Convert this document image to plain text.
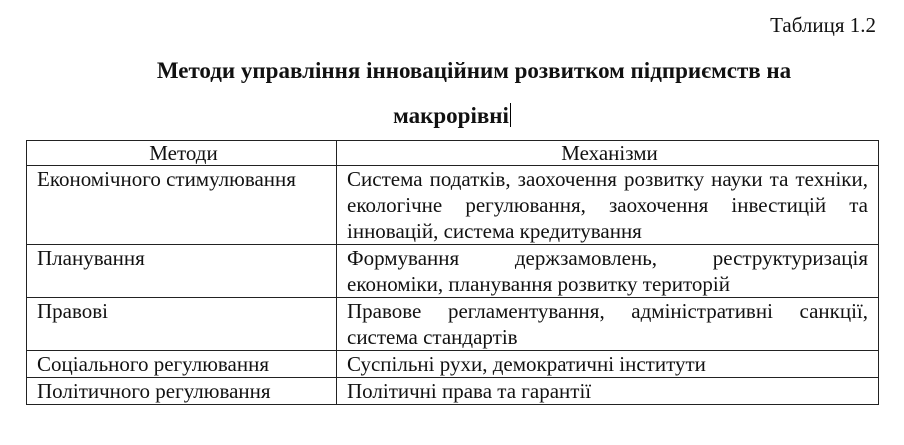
Таблиця 1.2
Методи управління інноваційним розвитком підприємств на
макрорівні
Методи	Механізми
Економічного стимулювання	Система податків, заохочення розвитку науки та техніки, екологічне регулювання, заохочення інвестицій та інновацій, система кредитування
Планування	Формування держзамовлень, реструктуризація економіки, планування розвитку територій
Правові	Правове регламентування, адміністративні санкції, система стандартів
Соціального регулювання	Суспільні рухи, демократичні інститути
Політичного регулювання	Політичні права та гарантії
